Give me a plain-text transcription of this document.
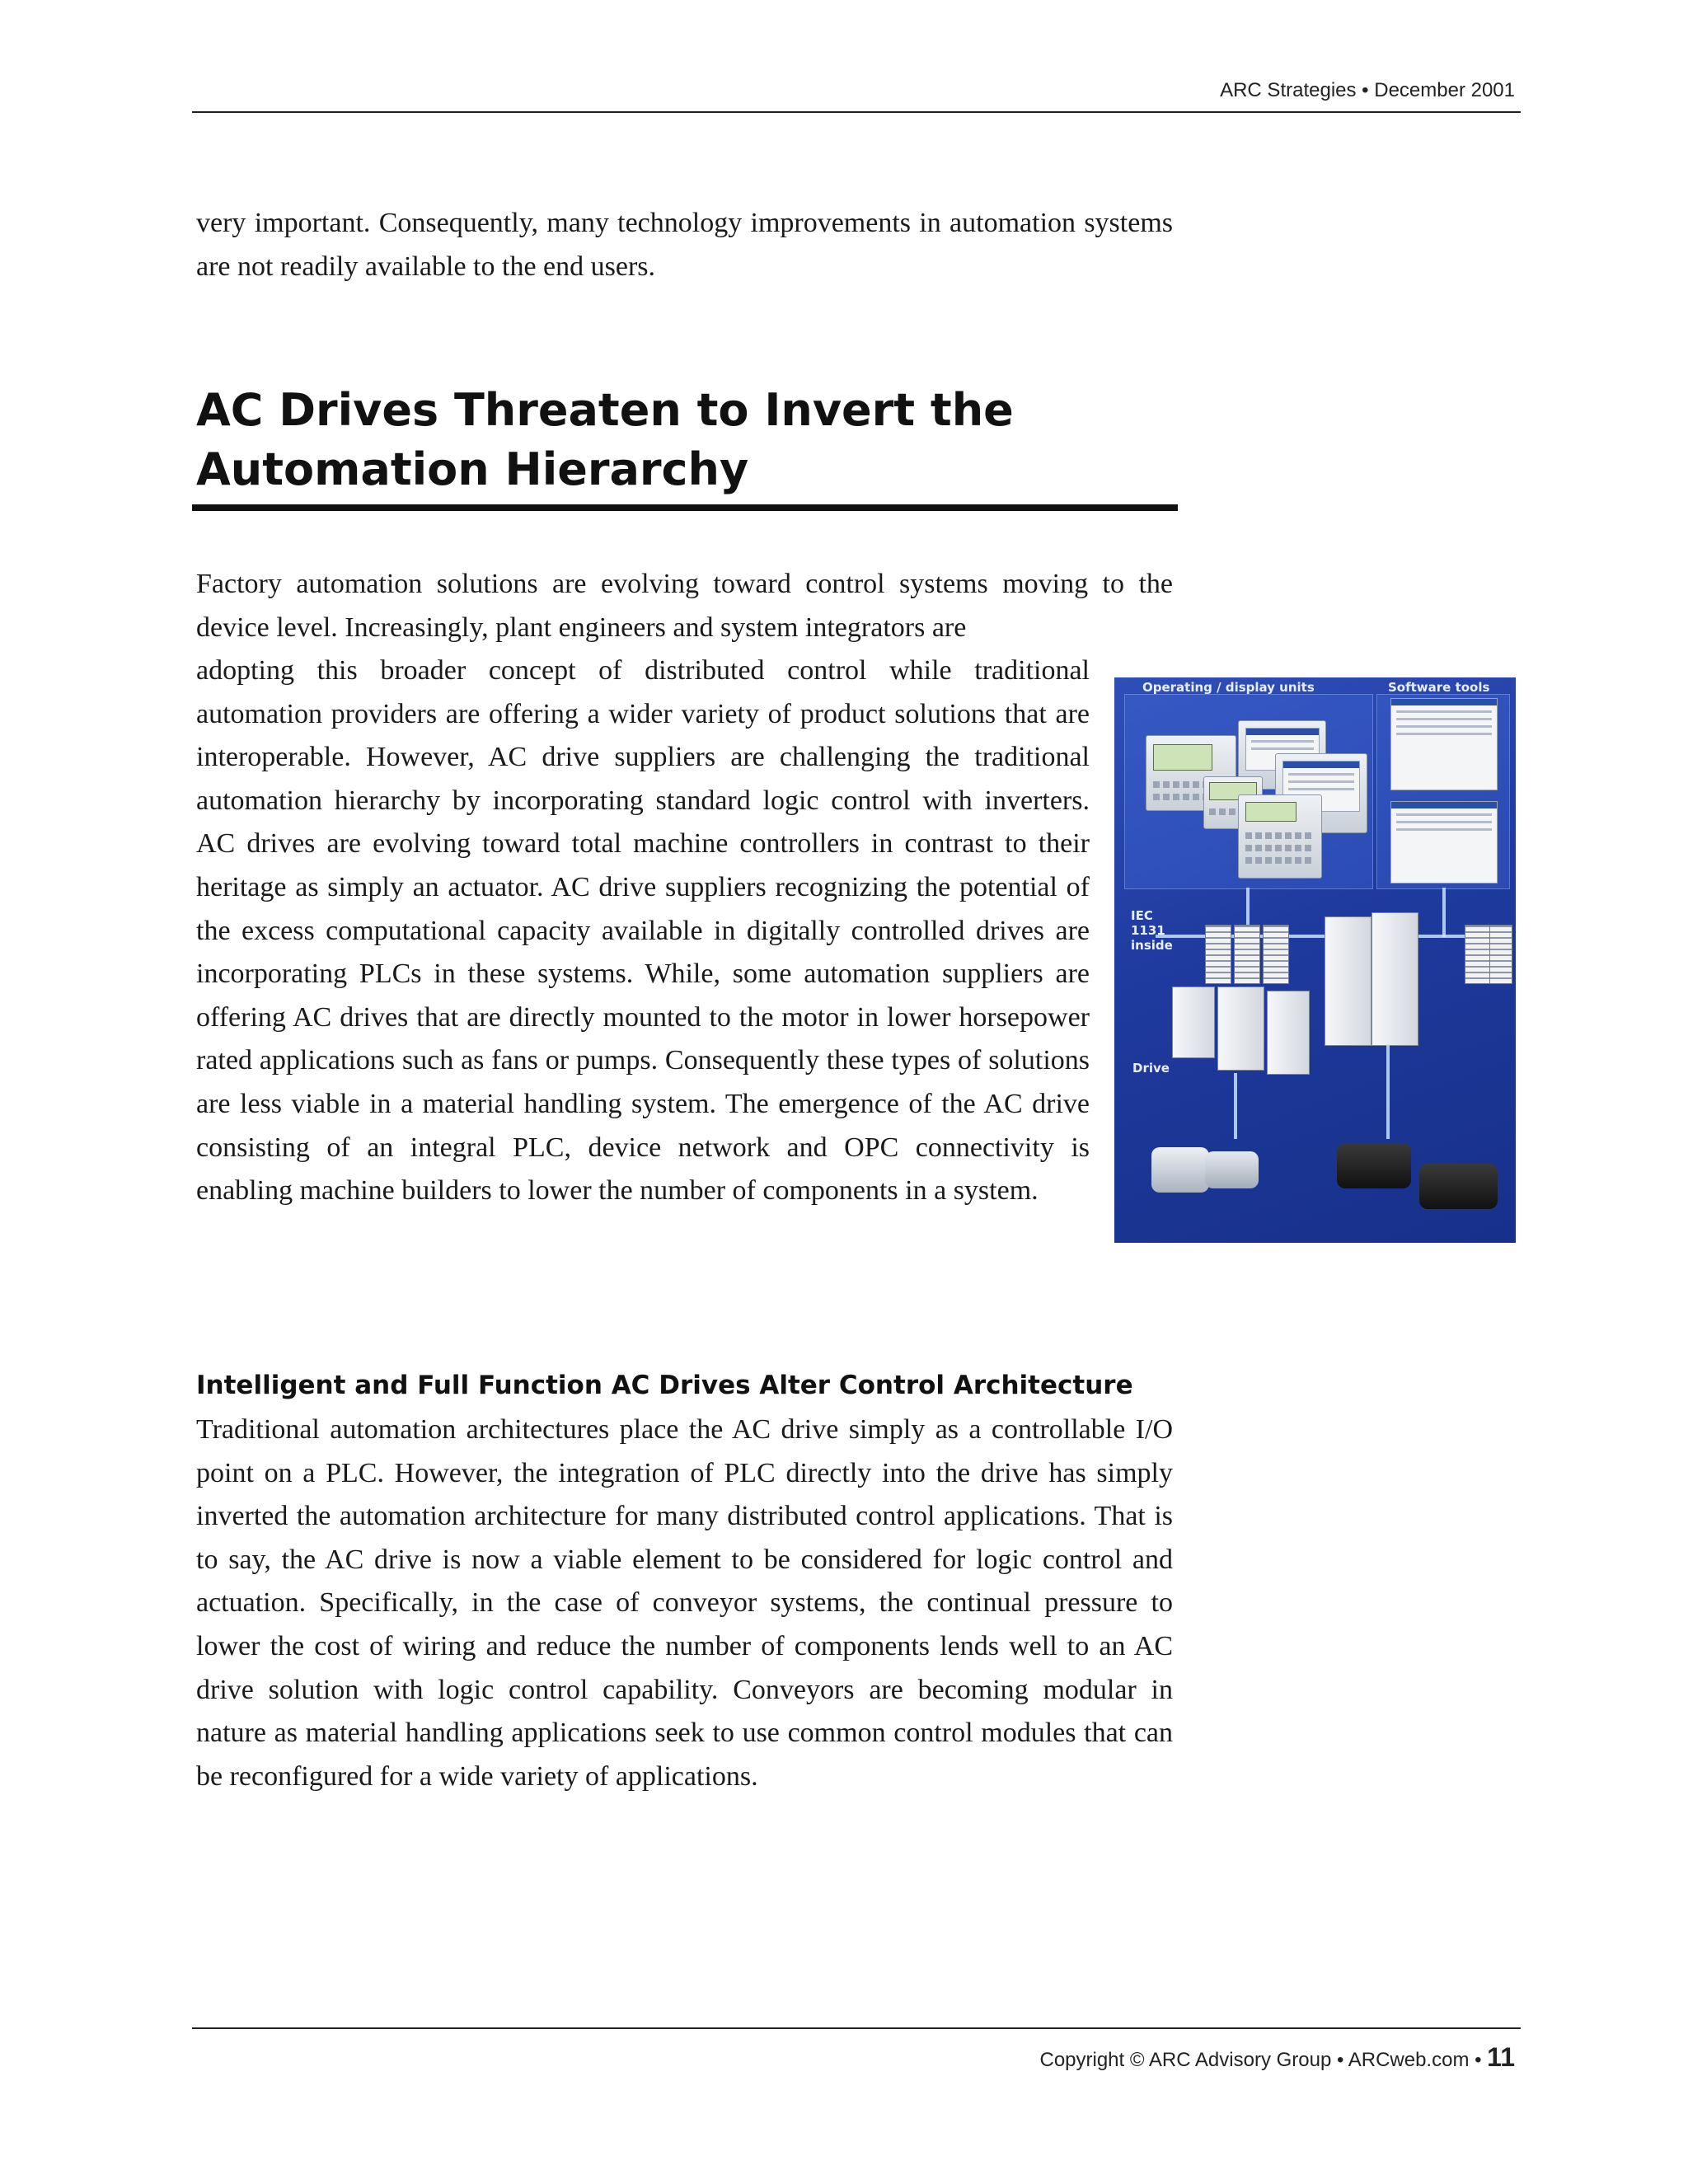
ARC Strategies • December 2001

very important. Consequently, many technology improvements in automation systems are not readily available to the end users.

AC Drives Threaten to Invert the Automation Hierarchy

Factory automation solutions are evolving toward control systems moving to the device level. Increasingly, plant engineers and system integrators are

adopting this broader concept of distributed control while traditional automation providers are offering a wider variety of product solutions that are interoperable. However, AC drive suppliers are challenging the traditional automation hierarchy by incorporating standard logic control with inverters. AC drives are evolving toward total machine controllers in contrast to their heritage as simply an actuator. AC drive suppliers recognizing the potential of the excess computational capacity available in digitally controlled drives are incorporating PLCs in these systems. While, some automation suppliers are offering AC drives that are directly mounted to the motor in lower horsepower rated applications such as fans or pumps. Consequently these types of solutions are less viable in a material handling system. The emergence of the AC drive consisting of an integral PLC, device network and OPC connectivity is enabling machine builders to lower the number of components in a system.

Operating / display units	Software tools
IEC 1131 inside
Drive
Intelligent and Full Function AC Drives Alter Control Architecture

Traditional automation architectures place the AC drive simply as a controllable I/O point on a PLC. However, the integration of PLC directly into the drive has simply inverted the automation architecture for many distributed control applications. That is to say, the AC drive is now a viable element to be considered for logic control and actuation. Specifically, in the case of conveyor systems, the continual pressure to lower the cost of wiring and reduce the number of components lends well to an AC drive solution with logic control capability. Conveyors are becoming modular in nature as material handling applications seek to use common control modules that can be reconfigured for a wide variety of applications.

Copyright © ARC Advisory Group • ARCweb.com • 11
